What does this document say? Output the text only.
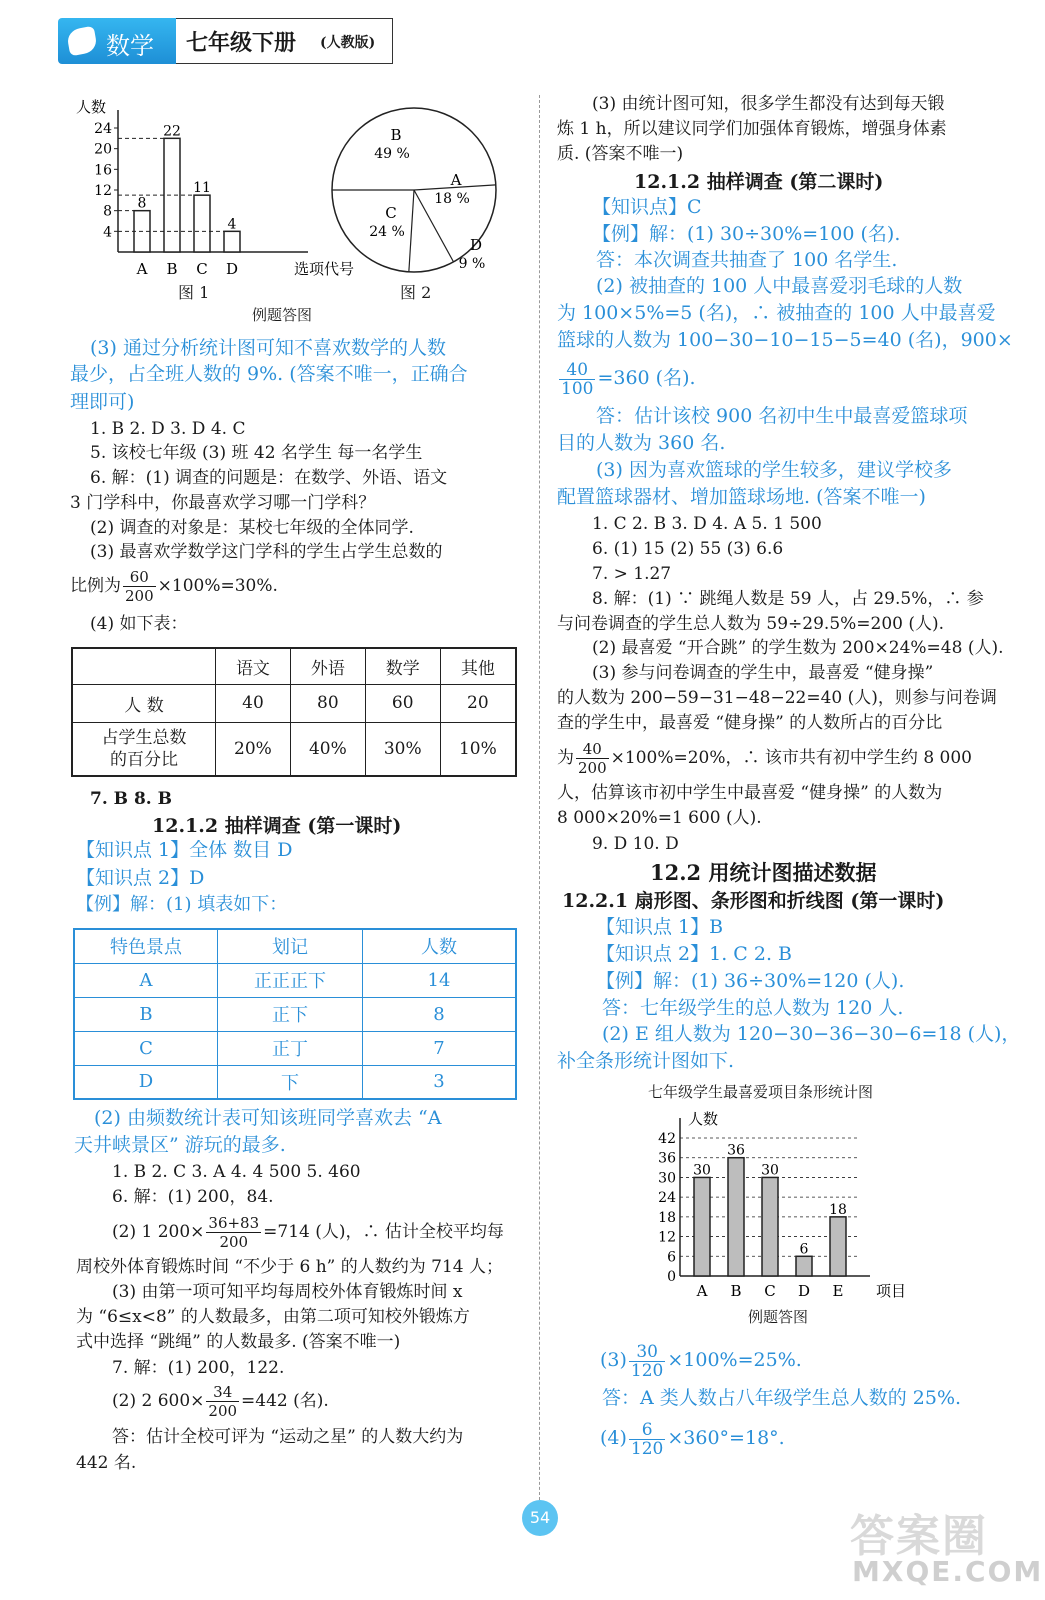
数学 七年级下册 (人教版)
人数
选项代号
4
8
12
16
20
24
8
A
22
B
11
C
4
D
B
49 %
A
18 %
D
9 %
C
24 %
图 1	图 2
例题答图
(3) 通过分析统计图可知不喜欢数学的人数
最少，占全班人数的 9%. (答案不唯一，正确合
理即可)
1. B 2. D 3. D 4. C
5. 该校七年级 (3) 班 42 名学生 每一名学生
6. 解：(1) 调查的问题是：在数学、外语、语文
3 门学科中，你最喜欢学习哪一门学科？
(2) 调查的对象是：某校七年级的全体同学.
(3) 最喜欢学数学这门学科的学生占学生总数的
比例为 $\frac{60}{200} \times 100\%=30\%$.
(4) 如下表：
	语文	外语	数学	其他
人 数	40	80	60	20
占学生总数
的百分比	20%	40%	30%	10%
7. B 8. B
12.1.2 抽样调查 (第一课时)
【知识点 1】全体 数目 D
【知识点 2】D
【例】解：(1) 填表如下：
特色景点	划记	人数
A	正正正下	14
B	正下	8
C	正丁	7
D	下	3
(2) 由频数统计表可知该班同学喜欢去 “A
天井峡景区” 游玩的最多.
1. B 2. C 3. A 4. 4 500 5. 460
6. 解：(1) 200，84.
(2) 1 $200\times \frac{36+83}{200} =714$ (人)，∴ 估计全校平均每
周校外体育锻炼时间 “不少于 6 h” 的人数约为 714 人；
(3) 由第一项可知平均每周校外体育锻炼时间 x
为 “6≤x<8” 的人数最多，由第二项可知校外锻炼方
式中选择 “跳绳” 的人数最多. (答案不唯一)
7. 解：(1) 200，122.
(2) 2 $600\times \frac{34}{200} =442$ (名).
答：估计全校可评为 “运动之星” 的人数大约为
442 名.
(3) 由统计图可知，很多学生都没有达到每天锻
炼 1 h，所以建议同学们加强体育锻炼，增强身体素
质. (答案不唯一)
12.1.2 抽样调查 (第二课时)
【知识点】C
【例】解：(1) 30÷30%=100 (名).
答：本次调查共抽查了 100 名学生.
(2) 被抽查的 100 人中最喜爱羽毛球的人数
为 100×5%=5 (名)，∴ 被抽查的 100 人中最喜爱
篮球的人数为 100−30−10−15−5=40 (名)，900×
$\frac{40}{100} =360$ (名).
答：估计该校 900 名初中生中最喜爱篮球项
目的人数为 360 名.
(3) 因为喜欢篮球的学生较多，建议学校多
配置篮球器材、增加篮球场地. (答案不唯一)
1. C 2. B 3. D 4. A 5. 1 500
6. (1) 15 (2) 55 (3) 6.6
7. > 1.27
8. 解：(1) ∵ 跳绳人数是 59 人，占 29.5%，∴ 参
与问卷调查的学生总人数为 59÷29.5%=200 (人).
(2) 最喜爱 “开合跳” 的学生数为 200×24%=48 (人).
(3) 参与问卷调查的学生中，最喜爱 “健身操”
的人数为 200−59−31−48−22=40 (人)，则参与问卷调
查的学生中，最喜爱 “健身操” 的人数所占的百分比
为 $\frac{40}{200} \times 100\%=20\%$，∴ 该市共有初中学生约 8 000
人，估算该市初中学生中最喜爱 “健身操” 的人数为
8 000×20%=1 600 (人).
9. D 10. D
12.2 用统计图描述数据
12.2.1 扇形图、条形图和折线图 (第一课时)
【知识点 1】B
【知识点 2】1. C 2. B
【例】解：(1) 36÷30%=120 (人).
答：七年级学生的总人数为 120 人.
(2) E 组人数为 120−30−36−30−6=18 (人)，
补全条形统计图如下.
七年级学生最喜爱项目条形统计图
人数
项目
0
6
12
18
24
30
36
42
30
A
36
B
30
C
6
D
18
E
例题答图
$(3) \frac{30}{120} \times 100\%=25\%$.
答：A 类人数占八年级学生总人数的 25%.
$(4) \frac{6}{120} \times 360^\circ=18^\circ$.
54	答案圈
MXQE.COM
